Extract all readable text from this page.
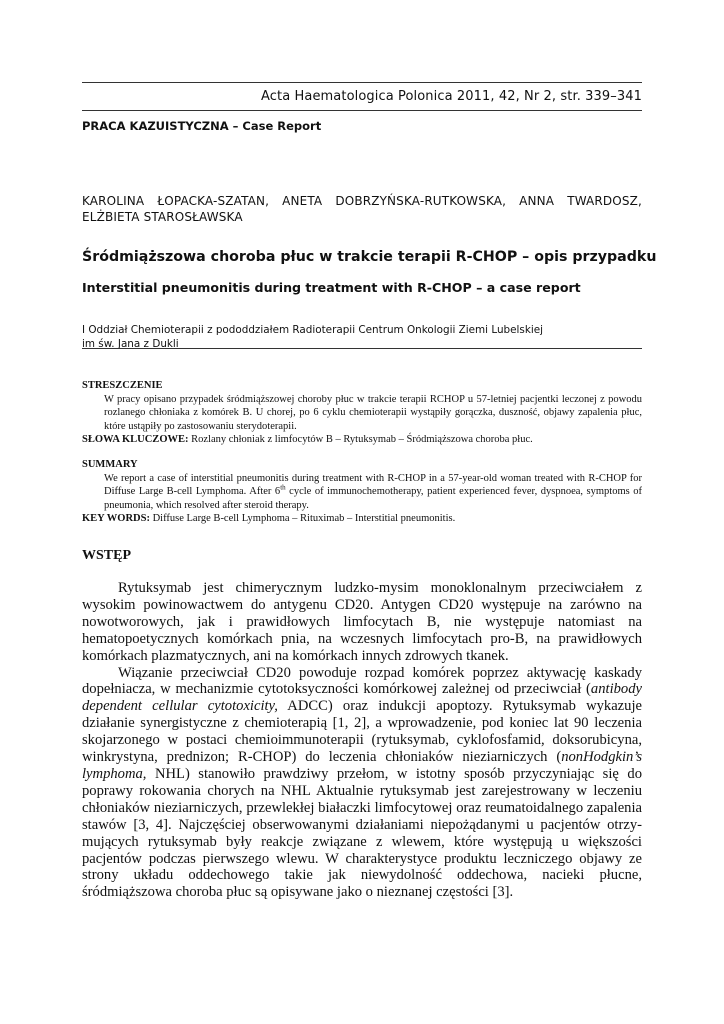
Acta Haematologica Polonica 2011, 42, Nr 2, str. 339–341
PRACA KAZUISTYCZNA – Case Report
KAROLINA ŁOPACKA-SZATAN, ANETA DOBRZYŃSKA-RUTKOWSKA, ANNA TWARDOSZ,
ELŻBIETA STAROSŁAWSKA
Śródmiąższowa choroba płuc w trakcie terapii R-CHOP – opis przypadku
Interstitial pneumonitis during treatment with R-CHOP – a case report
I Oddział Chemioterapii z pododdziałem Radioterapii Centrum Onkologii Ziemi Lubelskiej
im św. Jana z Dukli
STRESZCZENIE
W pracy opisano przypadek śródmiąższowej choroby płuc w trakcie terapii RCHOP u 57-letniej pacjentki leczonej z powodu rozlanego chłoniaka z komórek B. U chorej, po 6 cyklu chemioterapii wystąpiły gorączka, duszność, objawy zapalenia płuc, które ustąpiły po zastosowaniu sterydoterapii.
SŁOWA KLUCZOWE: Rozlany chłoniak z limfocytów B – Rytuksymab – Śródmiąższowa choroba płuc.
SUMMARY
We report a case of interstitial pneumonitis during treatment with R-CHOP in a 57-year-old woman treated with R-CHOP for Diffuse Large B-cell Lymphoma. After 6th cycle of immunochemotherapy, patient experienced fever, dyspnoea, symptoms of pneumonia, which resolved after steroid therapy.
KEY WORDS: Diffuse Large B-cell Lymphoma – Rituximab – Interstitial pneumonitis.
WSTĘP

Rytuksymab jest chimerycznym ludzko-mysim monoklonalnym przeciwciałem z wysokim powinowactwem do antygenu CD20. Antygen CD20 występuje na zarówno na nowotworowych, jak i prawidłowych limfocytach B, nie występuje natomiast na hematopoetycznych komórkach pnia, na wczesnych limfocytach pro-B, na prawidłowych komórkach plazmatycznych, ani na komórkach innych zdrowych tkanek.

Wiązanie przeciwciał CD20 powoduje rozpad komórek poprzez aktywację kaskady dopełniacza, w mechanizmie cytotoksyczności komórkowej zależnej od przeciwciał (antibody dependent cellular cytotoxicity, ADCC) oraz indukcji apoptozy. Rytuksymab wykazuje działanie synergistyczne z chemioterapią [1, 2], a wprowadzenie, pod koniec lat 90 leczenia skojarzonego w postaci chemioimmunoterapii (rytuksymab, cyklofosfamid, doksorubicyna, winkrystyna, prednizon; R-CHOP) do leczenia chłoniaków nieziarniczych (nonHodgkin’s lymphoma, NHL) stanowiło prawdziwy przełom, w istotny sposób przyczyniając się do poprawy rokowania chorych na NHL Aktualnie rytuksymab jest zarejestrowany w leczeniu chłoniaków nieziarniczych, przewlekłej białaczki limfocytowej oraz reumatoidalnego zapalenia stawów [3, 4]. Najczęściej obserwowanymi działaniami niepożądanymi u pacjentów otrzymujących rytuksymab były reakcje związane z wlewem, które występują u większości pacjentów podczas pierwszego wlewu. W charakterystyce produktu leczniczego objawy ze strony układu oddechowego takie jak niewydolność oddechowa, nacieki płucne, śródmiąższowa choroba płuc są opisywane jako o nieznanej częstości [3].
